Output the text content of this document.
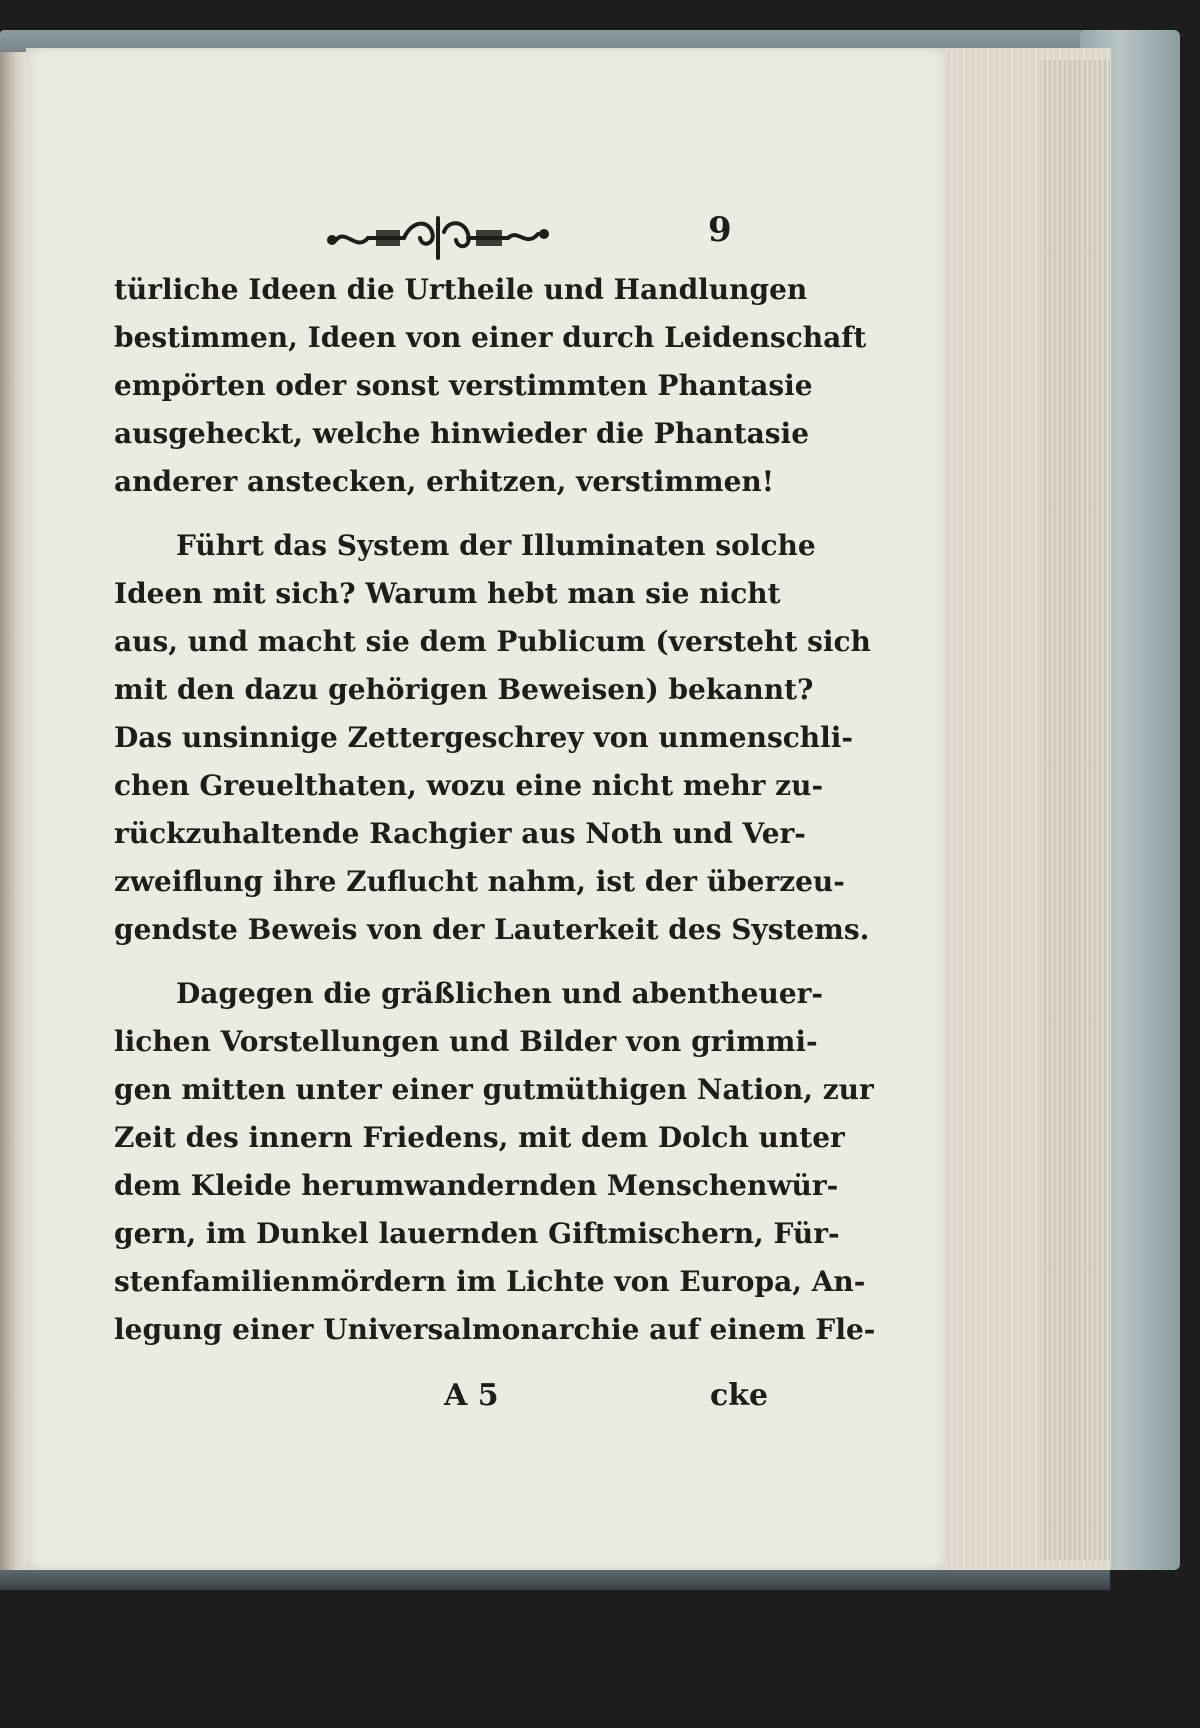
9
türliche Ideen die Urtheile und Handlungen
bestimmen, Ideen von einer durch Leidenschaft
empörten oder sonst verstimmten Phantasie
ausgeheckt, welche hinwieder die Phantasie
anderer anstecken, erhitzen, verstimmen!
Führt das System der Illuminaten solche
Ideen mit sich? Warum hebt man sie nicht
aus, und macht sie dem Publicum (versteht sich
mit den dazu gehörigen Beweisen) bekannt?
Das unsinnige Zettergeschrey von unmenschli-
chen Greuelthaten, wozu eine nicht mehr zu-
rückzuhaltende Rachgier aus Noth und Ver-
zweiflung ihre Zuflucht nahm, ist der überzeu-
gendste Beweis von der Lauterkeit des Systems.
Dagegen die gräßlichen und abentheuer-
lichen Vorstellungen und Bilder von grimmi-
gen mitten unter einer gutmüthigen Nation, zur
Zeit des innern Friedens, mit dem Dolch unter
dem Kleide herumwandernden Menschenwür-
gern, im Dunkel lauernden Giftmischern, Für-
stenfamilienmördern im Lichte von Europa, An-
legung einer Universalmonarchie auf einem Fle-
A 5	cke
